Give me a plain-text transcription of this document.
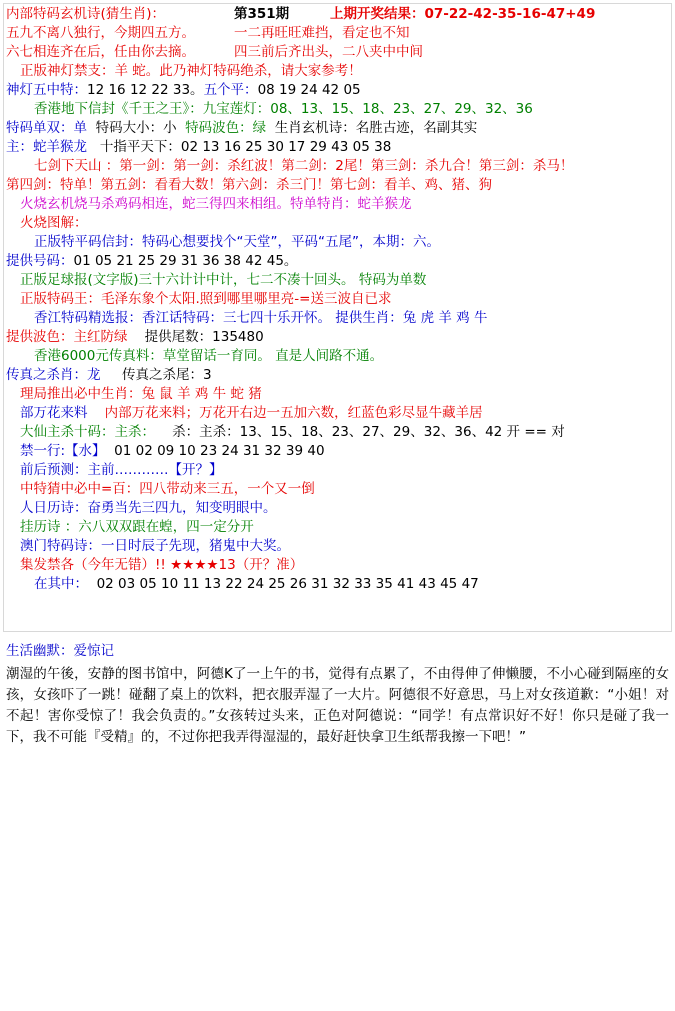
内部特码玄机诗(猜生肖)：	第351期	上期开奖结果：07-22-42-35-16-47+49
五九不离八独行，今期四五方。	一二再旺旺难挡，看定也不知
六七相连齐在后，任由你去摘。	四三前后齐出头，二八夹中中间
正版神灯禁支：羊 蛇。此乃神灯特码绝杀，请大家参考！
神灯五中特：12 16 12 22 33。五个平：08 19 24 42 05
香港地下信封《千王之王》：九宝莲灯：08、13、15、18、23、27、29、32、36
特码单双：单  特码大小：小  特码波色：绿  生肖玄机诗：名胜古迹，名副其实
主：蛇羊猴龙   十指平天下：02 13 16 25 30 17 29 43 05 38
七剑下天山 ：第一剑：第一剑：杀红波！第二剑：2尾！第三剑：杀九合！第三剑：杀马！
第四剑：特单！第五剑：看看大数！第六剑：杀三门！第七剑：看羊、鸡、猪、狗
火烧玄机烧马杀鸡码相连，蛇三得四来相组。特单特肖：蛇羊猴龙
火烧图解：
正版特平码信封：特码心想要找个“天堂”，平码“五尾”，本期：六。
提供号码：01 05 21 25 29 31 36 38 42 45。
正版足球报(文字版)三十六计计中计，七二不凑十回头。 特码为单数
正版特码王：毛泽东象个太阳.照到哪里哪里亮-=送三波自已求
香江特码精选报：香江话特码：三七四十乐开怀。 提供生肖：兔 虎 羊 鸡 牛
提供波色：主红防绿    提供尾数：135480
香港6000元传真料：草堂留话一育同。 直是人间路不通。
传真之杀肖：龙     传真之杀尾：3
理局推出必中生肖：兔 鼠 羊 鸡 牛 蛇 猪
部万花来料    内部万花来料；万花开右边一五加六数，红蓝色彩尽显牛藏羊居
大仙主杀十码：主杀：    杀：主杀：13、15、18、23、27、29、32、36、42 开 == 对
禁一行:【水】  01 02 09 10 23 24 31 32 39 40
前后预测：主前…………【开？】
中特猜中必中=百：四八带动来三五，一个又一倒
人日历诗：奋勇当先三四九，知变明眼中。
挂历诗 ：六八双双跟在蝗，四一定分开
澳门特码诗：一日时辰子先现，猪鬼中大奖。
集发禁各（今年无错）!! ★★★★13（开？准）
在其中：  02 03 05 10 11 13 22 24 25 26 31 32 33 35 41 43 45 47
生活幽默：爱惊记
潮湿的午後，安静的图书馆中，阿德K了一上午的书，觉得有点累了，不由得伸了伸懒腰，不小心碰到隔座的女孩，女孩吓了一跳！碰翻了桌上的饮料，把衣服弄湿了一大片。阿德很不好意思，马上对女孩道歉：“小姐！对不起！害你受惊了！我会负责的。”女孩转过头来，正色对阿德说：“同学！有点常识好不好！你只是碰了我一下，我不可能『受精』的，不过你把我弄得湿湿的，最好赶快拿卫生纸帮我擦一下吧！”
